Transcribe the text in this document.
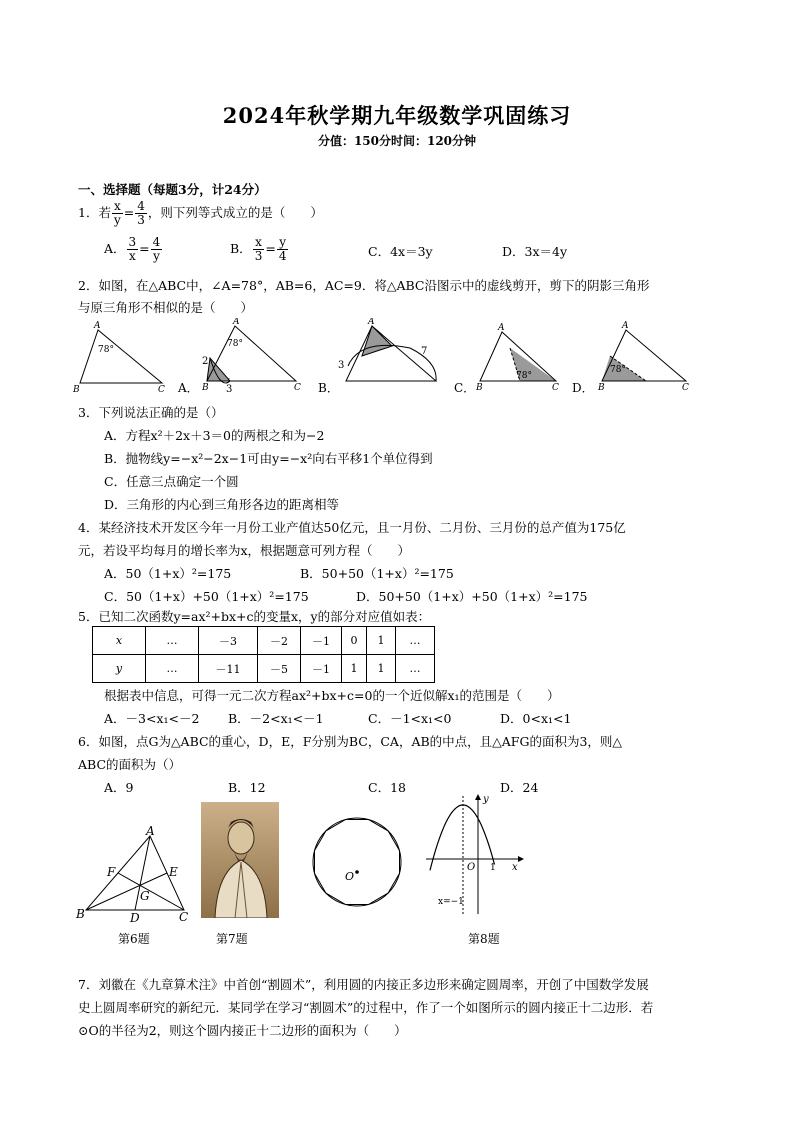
2024年秋学期九年级数学巩固练习
分值：150分时间：120分钟
一、选择题（每题3分，计24分）
1．若 $\frac{x}{y} = \frac{4}{3}$ ，则下列等式成立的是（　　）
A． $\frac{3}{x} = \frac{4}{y}$	B． $\frac{x}{3} = \frac{y}{4}$	C．4x＝3y	D．3x＝4y
2．如图，在△ABC中，∠A=78°，AB=6，AC=9．将△ABC沿图示中的虚线剪开，剪下的阴影三角形
与原三角形不相似的是（　　）
A
B	C
78°
A
B	C
78°
2
3
A．
A
3
7
B．
A
B	C
78°
C．
A
B	C
78°
D．
3．下列说法正确的是（）
A．方程x²＋2x＋3＝0的两根之和为−2
B．抛物线y=−x²−2x−1可由y=−x²向右平移1个单位得到
C．任意三点确定一个圆
D．三角形的内心到三角形各边的距离相等
4．某经济技术开发区今年一月份工业产值达50亿元，且一月份、二月份、三月份的总产值为175亿
元，若设平均每月的增长率为x，根据题意可列方程（　　）
A．50（1+x）²=175	B．50+50（1+x）²=175
C．50（1+x）+50（1+x）²=175	D．50+50（1+x）+50（1+x）²=175
5．已知二次函数y=ax²+bx+c的变量x，y的部分对应值如表：
x	…	－3	－2	－1	0	1	…
y	…	－11	－5	－1	1	1	…
根据表中信息，可得一元二次方程ax²+bx+c=0的一个近似解x₁的范围是（　　）
A．－3<x₁<－2 B．－2<x₁<－1	C．－1<x₁<0	D．0<x₁<1
6．如图，点G为△ABC的重心，D，E，F分别为BC，CA，AB的中点，且△AFG的面积为3，则△
ABC的面积为（）
A．9	B．12	C．18	D．24
A
B	C
D
E
F
G
第6题	第7题
O
y
x
O 1
x=−1
第8题
7．刘徽在《九章算术注》中首创“割圆术”，利用圆的内接正多边形来确定圆周率，开创了中国数学发展
史上圆周率研究的新纪元．某同学在学习“割圆术”的过程中，作了一个如图所示的圆内接正十二边形．若
⊙O的半径为2，则这个圆内接正十二边形的面积为（　　）
